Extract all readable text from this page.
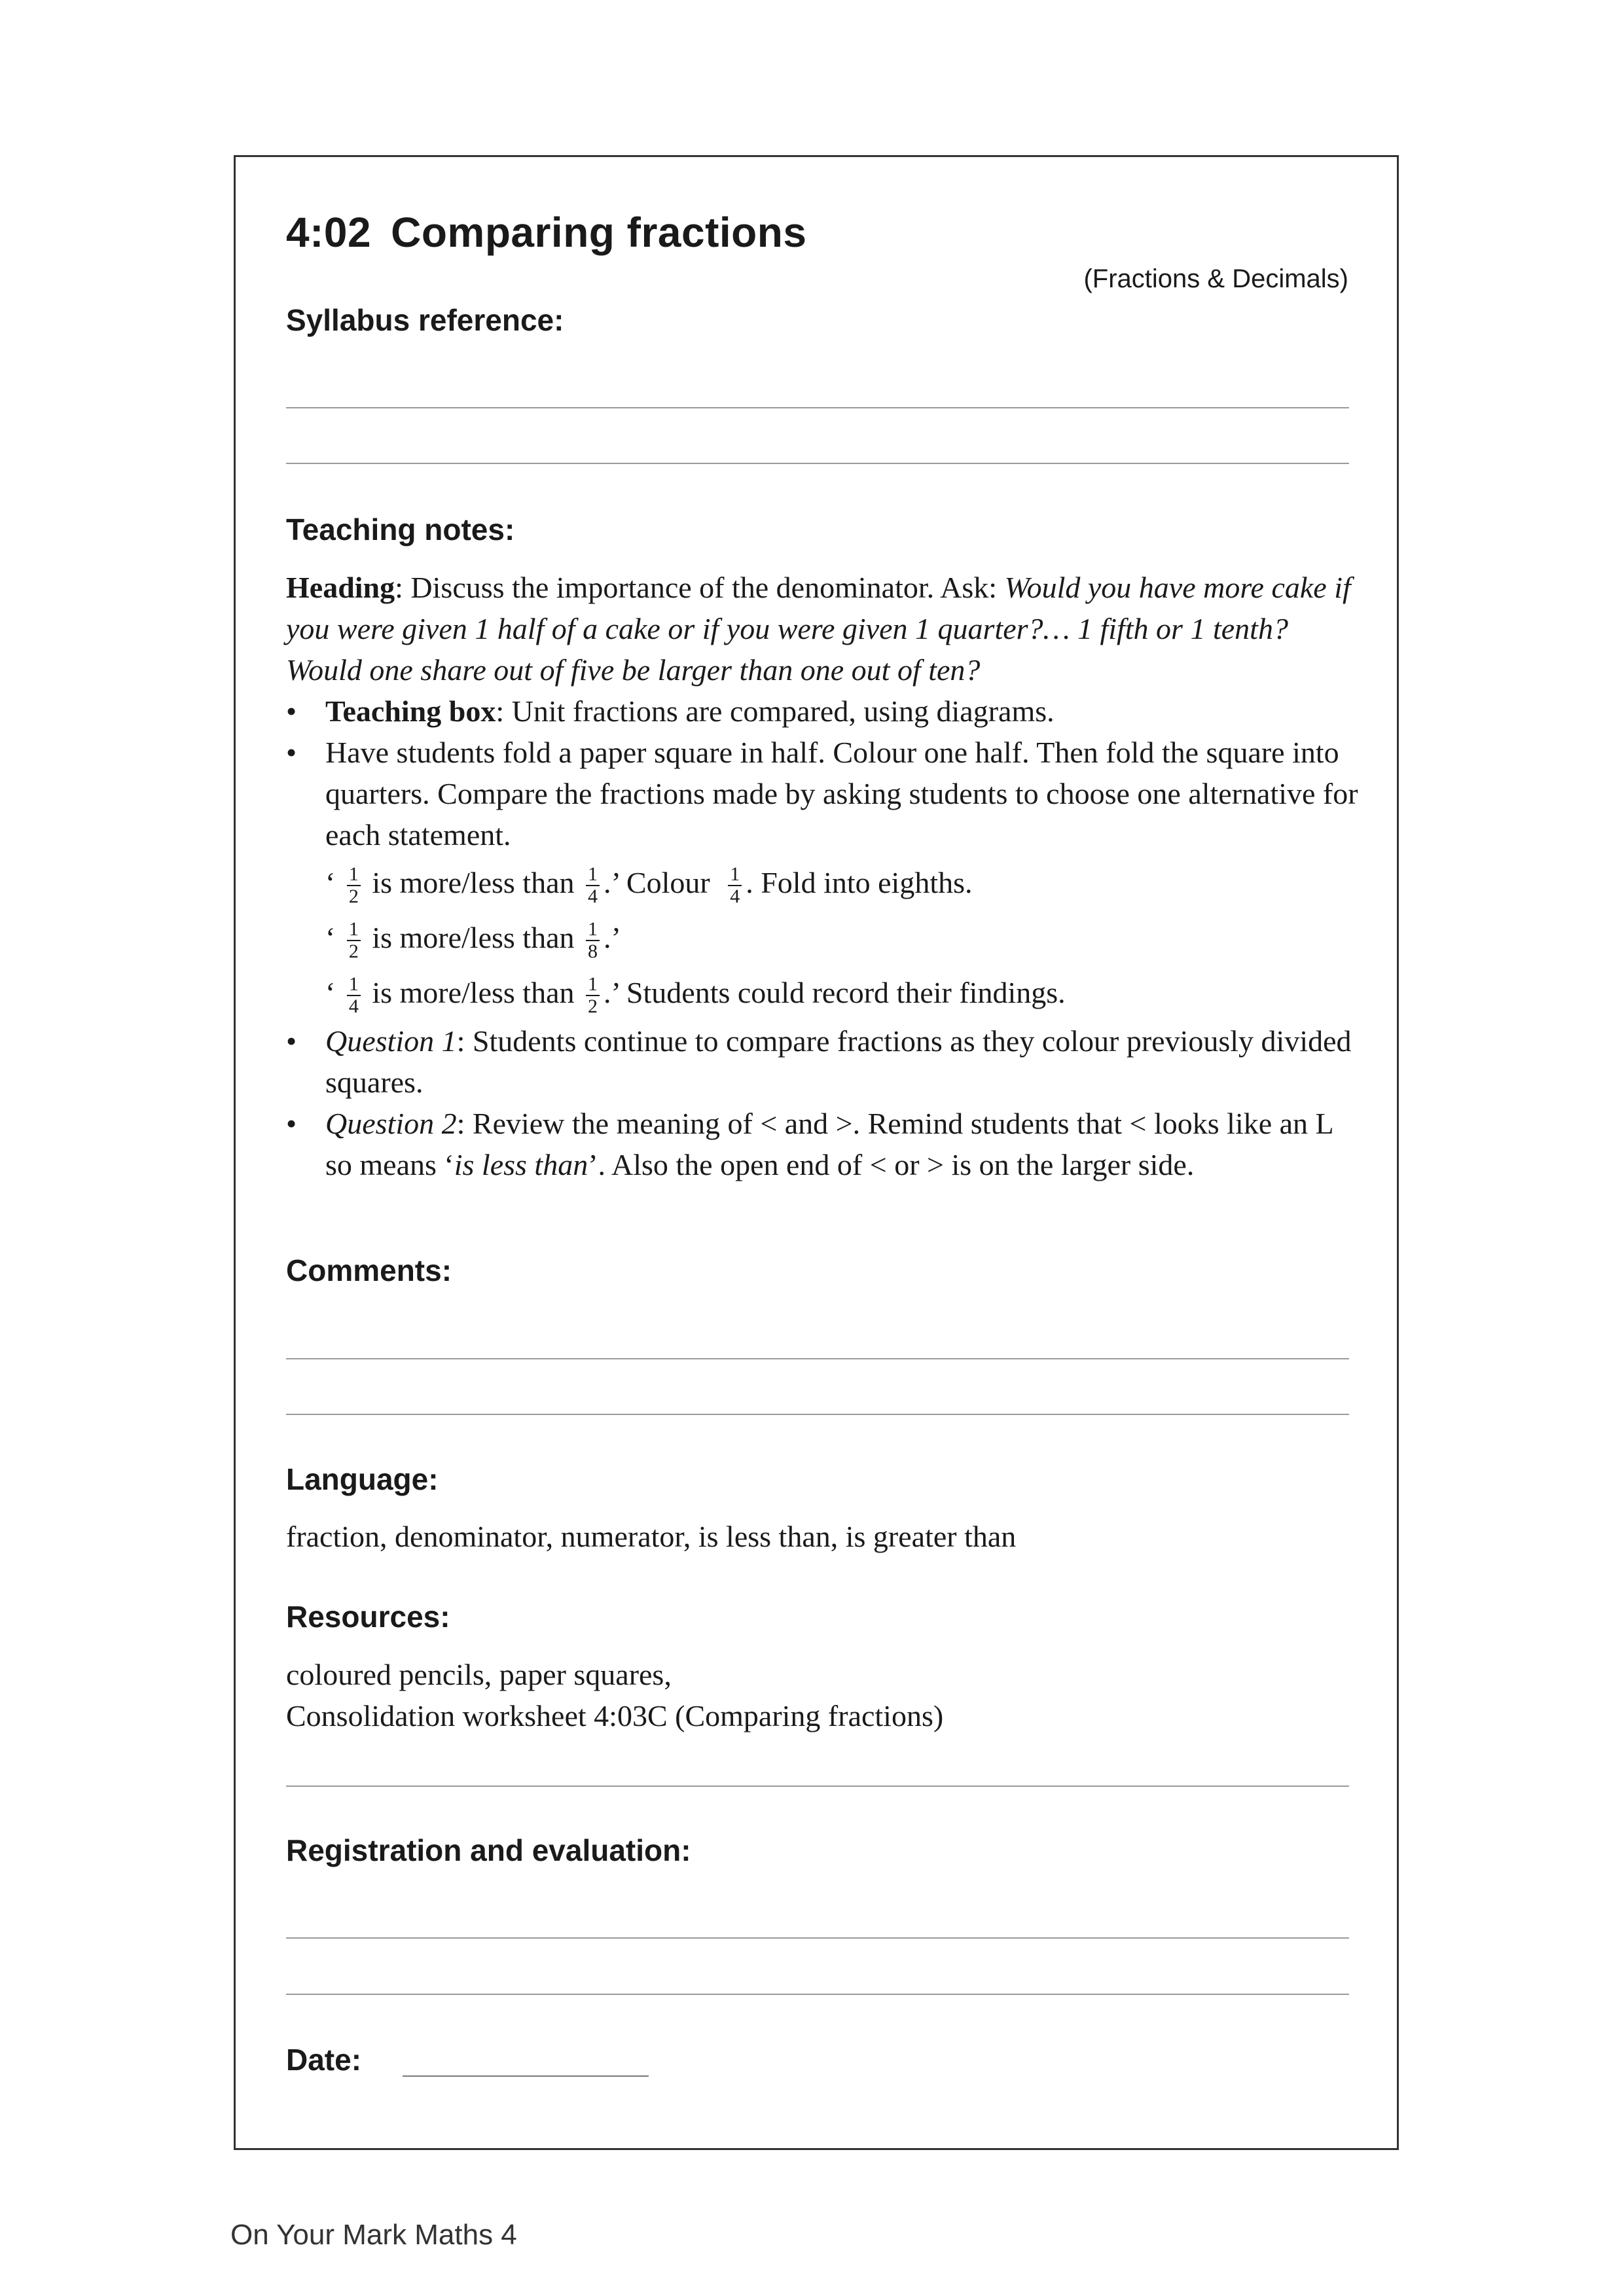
4:02 Comparing fractions
(Fractions & Decimals)
Syllabus reference:
Teaching notes:

Heading: Discuss the importance of the denominator. Ask: Would you have more cake if you were given 1 half of a cake or if you were given 1 quarter?… 1 fifth or 1 tenth? Would one share out of five be larger than one out of ten?

• Teaching box: Unit fractions are compared, using diagrams.
• Have students fold a paper square in half. Colour one half. Then fold the square into quarters. Compare the fractions made by asking students to choose one alternative for each statement.
‘ $\frac{1}{2}$ is more/less than $\frac{1}{4}$ .’ Colour $\frac{1}{4}$ . Fold into eighths.
‘ $\frac{1}{2}$ is more/less than $\frac{1}{8}$ .’
‘ $\frac{1}{4}$ is more/less than $\frac{1}{2}$ .’ Students could record their findings.
• Question 1: Students continue to compare fractions as they colour previously divided squares.
• Question 2: Review the meaning of < and >. Remind students that < looks like an L so means ‘is less than’. Also the open end of < or > is on the larger side.
Comments:
Language:
fraction, denominator, numerator, is less than, is greater than
Resources:
coloured pencils, paper squares,
Consolidation worksheet 4:03C (Comparing fractions)
Registration and evaluation:
Date:
On Your Mark Maths 4
